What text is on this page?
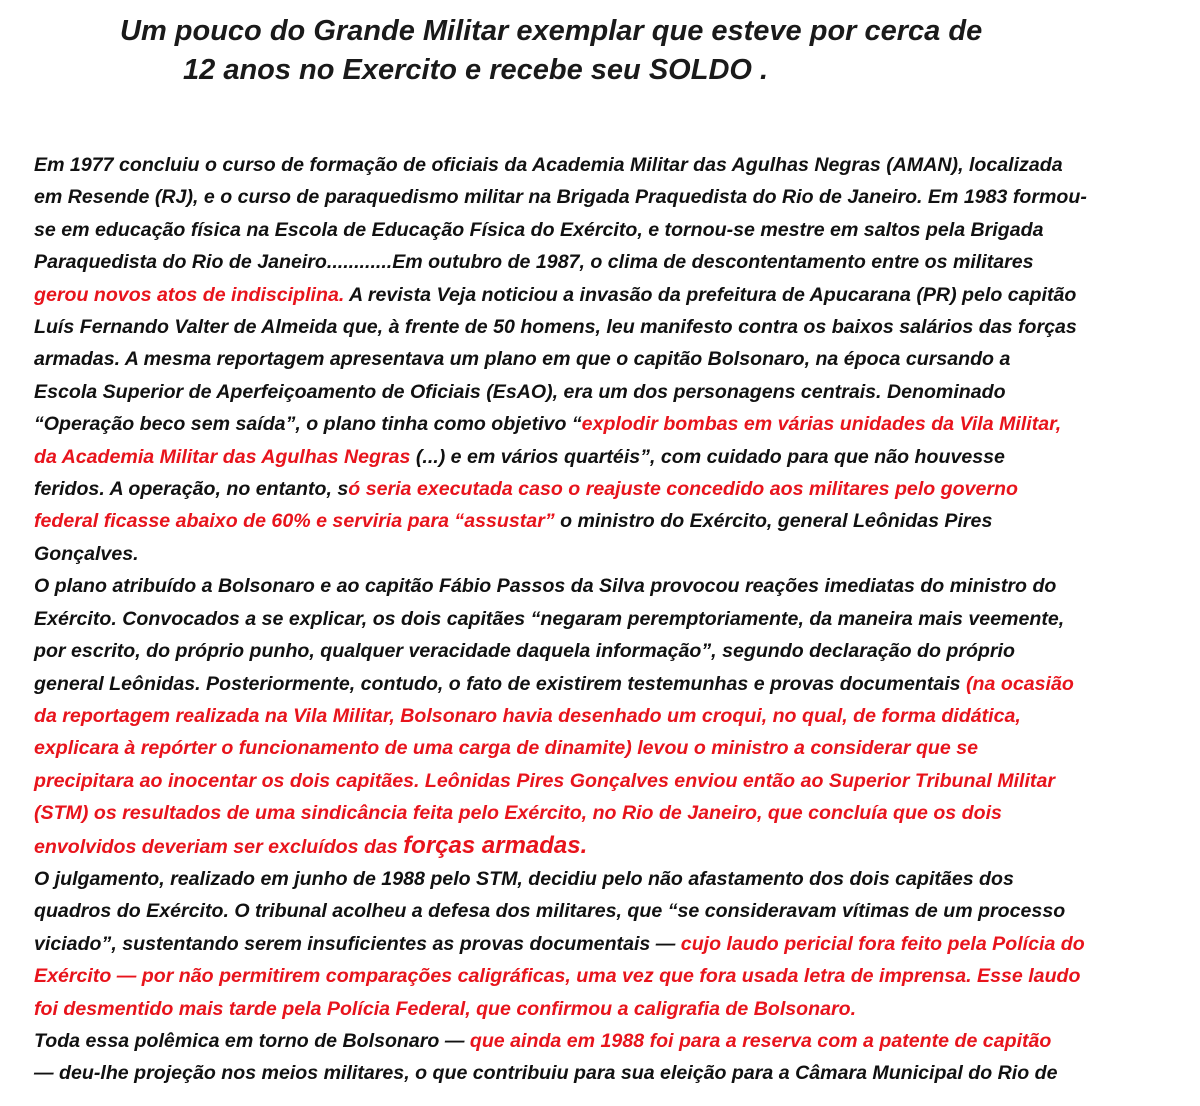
Um pouco do Grande Militar exemplar que esteve por cerca de
12 anos no Exercito e recebe seu SOLDO .

Em 1977 concluiu o curso de formação de oficiais da Academia Militar das Agulhas Negras (AMAN), localizada

em Resende (RJ), e o curso de paraquedismo militar na Brigada Praquedista do Rio de Janeiro. Em 1983 formou-

se em educação física na Escola de Educação Física do Exército, e tornou-se mestre em saltos pela Brigada

Paraquedista do Rio de Janeiro............Em outubro de 1987, o clima de descontentamento entre os militares

gerou novos atos de indisciplina. A revista Veja noticiou a invasão da prefeitura de Apucarana (PR) pelo capitão

Luís Fernando Valter de Almeida que, à frente de 50 homens, leu manifesto contra os baixos salários das forças

armadas. A mesma reportagem apresentava um plano em que o capitão Bolsonaro, na época cursando a

Escola Superior de Aperfeiçoamento de Oficiais (EsAO), era um dos personagens centrais. Denominado

“Operação beco sem saída”, o plano tinha como objetivo “explodir bombas em várias unidades da Vila Militar,

da Academia Militar das Agulhas Negras (...) e em vários quartéis”, com cuidado para que não houvesse

feridos. A operação, no entanto, só seria executada caso o reajuste concedido aos militares pelo governo

federal ficasse abaixo de 60% e serviria para “assustar” o ministro do Exército, general Leônidas Pires

Gonçalves.

O plano atribuído a Bolsonaro e ao capitão Fábio Passos da Silva provocou reações imediatas do ministro do

Exército. Convocados a se explicar, os dois capitães “negaram peremptoriamente, da maneira mais veemente,

por escrito, do próprio punho, qualquer veracidade daquela informação”, segundo declaração do próprio

general Leônidas. Posteriormente, contudo, o fato de existirem testemunhas e provas documentais (na ocasião

da reportagem realizada na Vila Militar, Bolsonaro havia desenhado um croqui, no qual, de forma didática,

explicara à repórter o funcionamento de uma carga de dinamite) levou o ministro a considerar que se

precipitara ao inocentar os dois capitães. Leônidas Pires Gonçalves enviou então ao Superior Tribunal Militar

(STM) os resultados de uma sindicância feita pelo Exército, no Rio de Janeiro, que concluía que os dois

envolvidos deveriam ser excluídos das forças armadas.

O julgamento, realizado em junho de 1988 pelo STM, decidiu pelo não afastamento dos dois capitães dos

quadros do Exército. O tribunal acolheu a defesa dos militares, que “se consideravam vítimas de um processo

viciado”, sustentando serem insuficientes as provas documentais — cujo laudo pericial fora feito pela Polícia do

Exército — por não permitirem comparações caligráficas, uma vez que fora usada letra de imprensa. Esse laudo

foi desmentido mais tarde pela Polícia Federal, que confirmou a caligrafia de Bolsonaro.

Toda essa polêmica em torno de Bolsonaro — que ainda em 1988 foi para a reserva com a patente de capitão

— deu-lhe projeção nos meios militares, o que contribuiu para sua eleição para a Câmara Municipal do Rio de
